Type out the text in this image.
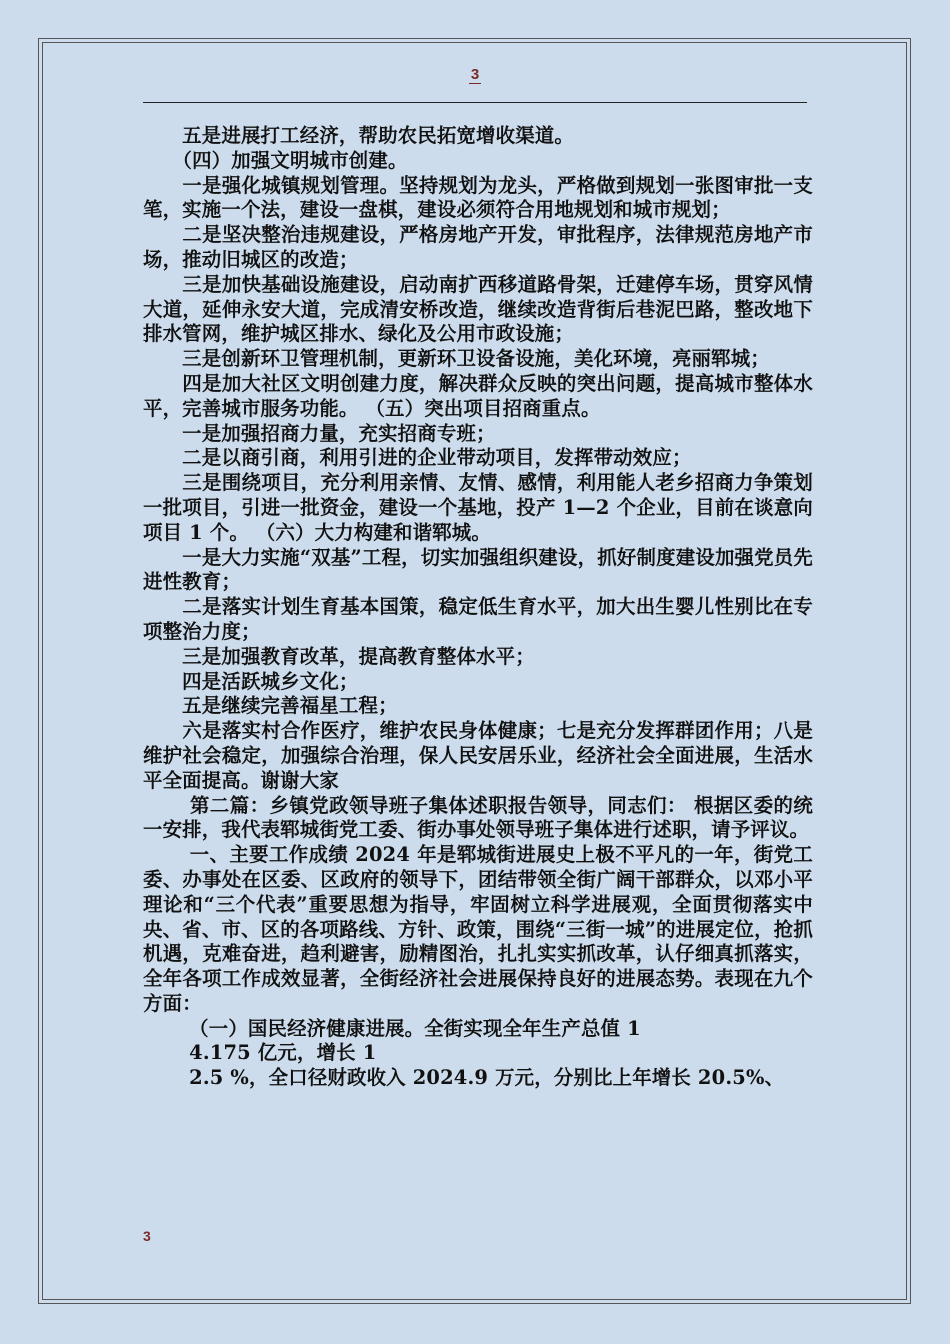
3

　　五是进展打工经济，帮助农民拓宽增收渠道。

　　（四）加强文明城市创建。

　　一是强化城镇规划管理。坚持规划为龙头，严格做到规划一张图审批一支笔，实施一个法，建设一盘棋，建设必须符合用地规划和城市规划；

　　二是坚决整治违规建设，严格房地产开发，审批程序，法律规范房地产市场，推动旧城区的改造；

　　三是加快基础设施建设，启动南扩西移道路骨架，迁建停车场，贯穿风情大道，延伸永安大道，完成清安桥改造，继续改造背街后巷泥巴路，整改地下排水管网，维护城区排水、绿化及公用市政设施；

　　三是创新环卫管理机制，更新环卫设备设施，美化环境，亮丽郓城；

　　四是加大社区文明创建力度，解决群众反映的突出问题，提高城市整体水平，完善城市服务功能。 （五）突出项目招商重点。

　　一是加强招商力量，充实招商专班；

　　二是以商引商，利用引进的企业带动项目，发挥带动效应；

　　三是围绕项目，充分利用亲情、友情、感情，利用能人老乡招商力争策划一批项目，引进一批资金，建设一个基地，投产 1—2 个企业，目前在谈意向项目 1 个。 （六）大力构建和谐郓城。

　　一是大力实施“双基”工程，切实加强组织建设，抓好制度建设加强党员先进性教育；

　　二是落实计划生育基本国策，稳定低生育水平，加大出生婴儿性别比在专项整治力度；

　　三是加强教育改革，提高教育整体水平；

　　四是活跃城乡文化；

　　五是继续完善福星工程；

　　六是落实村合作医疗，维护农民身体健康；七是充分发挥群团作用；八是维护社会稳定，加强综合治理，保人民安居乐业，经济社会全面进展，生活水平全面提高。谢谢大家

　　 第二篇：乡镇党政领导班子集体述职报告领导，同志们： 根据区委的统一安排，我代表郓城街党工委、街办事处领导班子集体进行述职，请予评议。

　　 一、主要工作成绩 2024 年是郓城街进展史上极不平凡的一年，街党工委、办事处在区委、区政府的领导下，团结带领全街广阔干部群众，以邓小平理论和“三个代表”重要思想为指导，牢固树立科学进展观，全面贯彻落实中央、省、市、区的各项路线、方针、政策，围绕“三街一城”的进展定位，抢抓机遇，克难奋进，趋利避害，励精图治，扎扎实实抓改革，认仔细真抓落实，全年各项工作成效显著，全街经济社会进展保持良好的进展态势。表现在九个方面：

　　 （一）国民经济健康进展。全街实现全年生产总值 1

　　 4.175 亿元，增长 1

　　 2.5 %，全口径财政收入 2024.9 万元，分别比上年增长 20.5%、

3
